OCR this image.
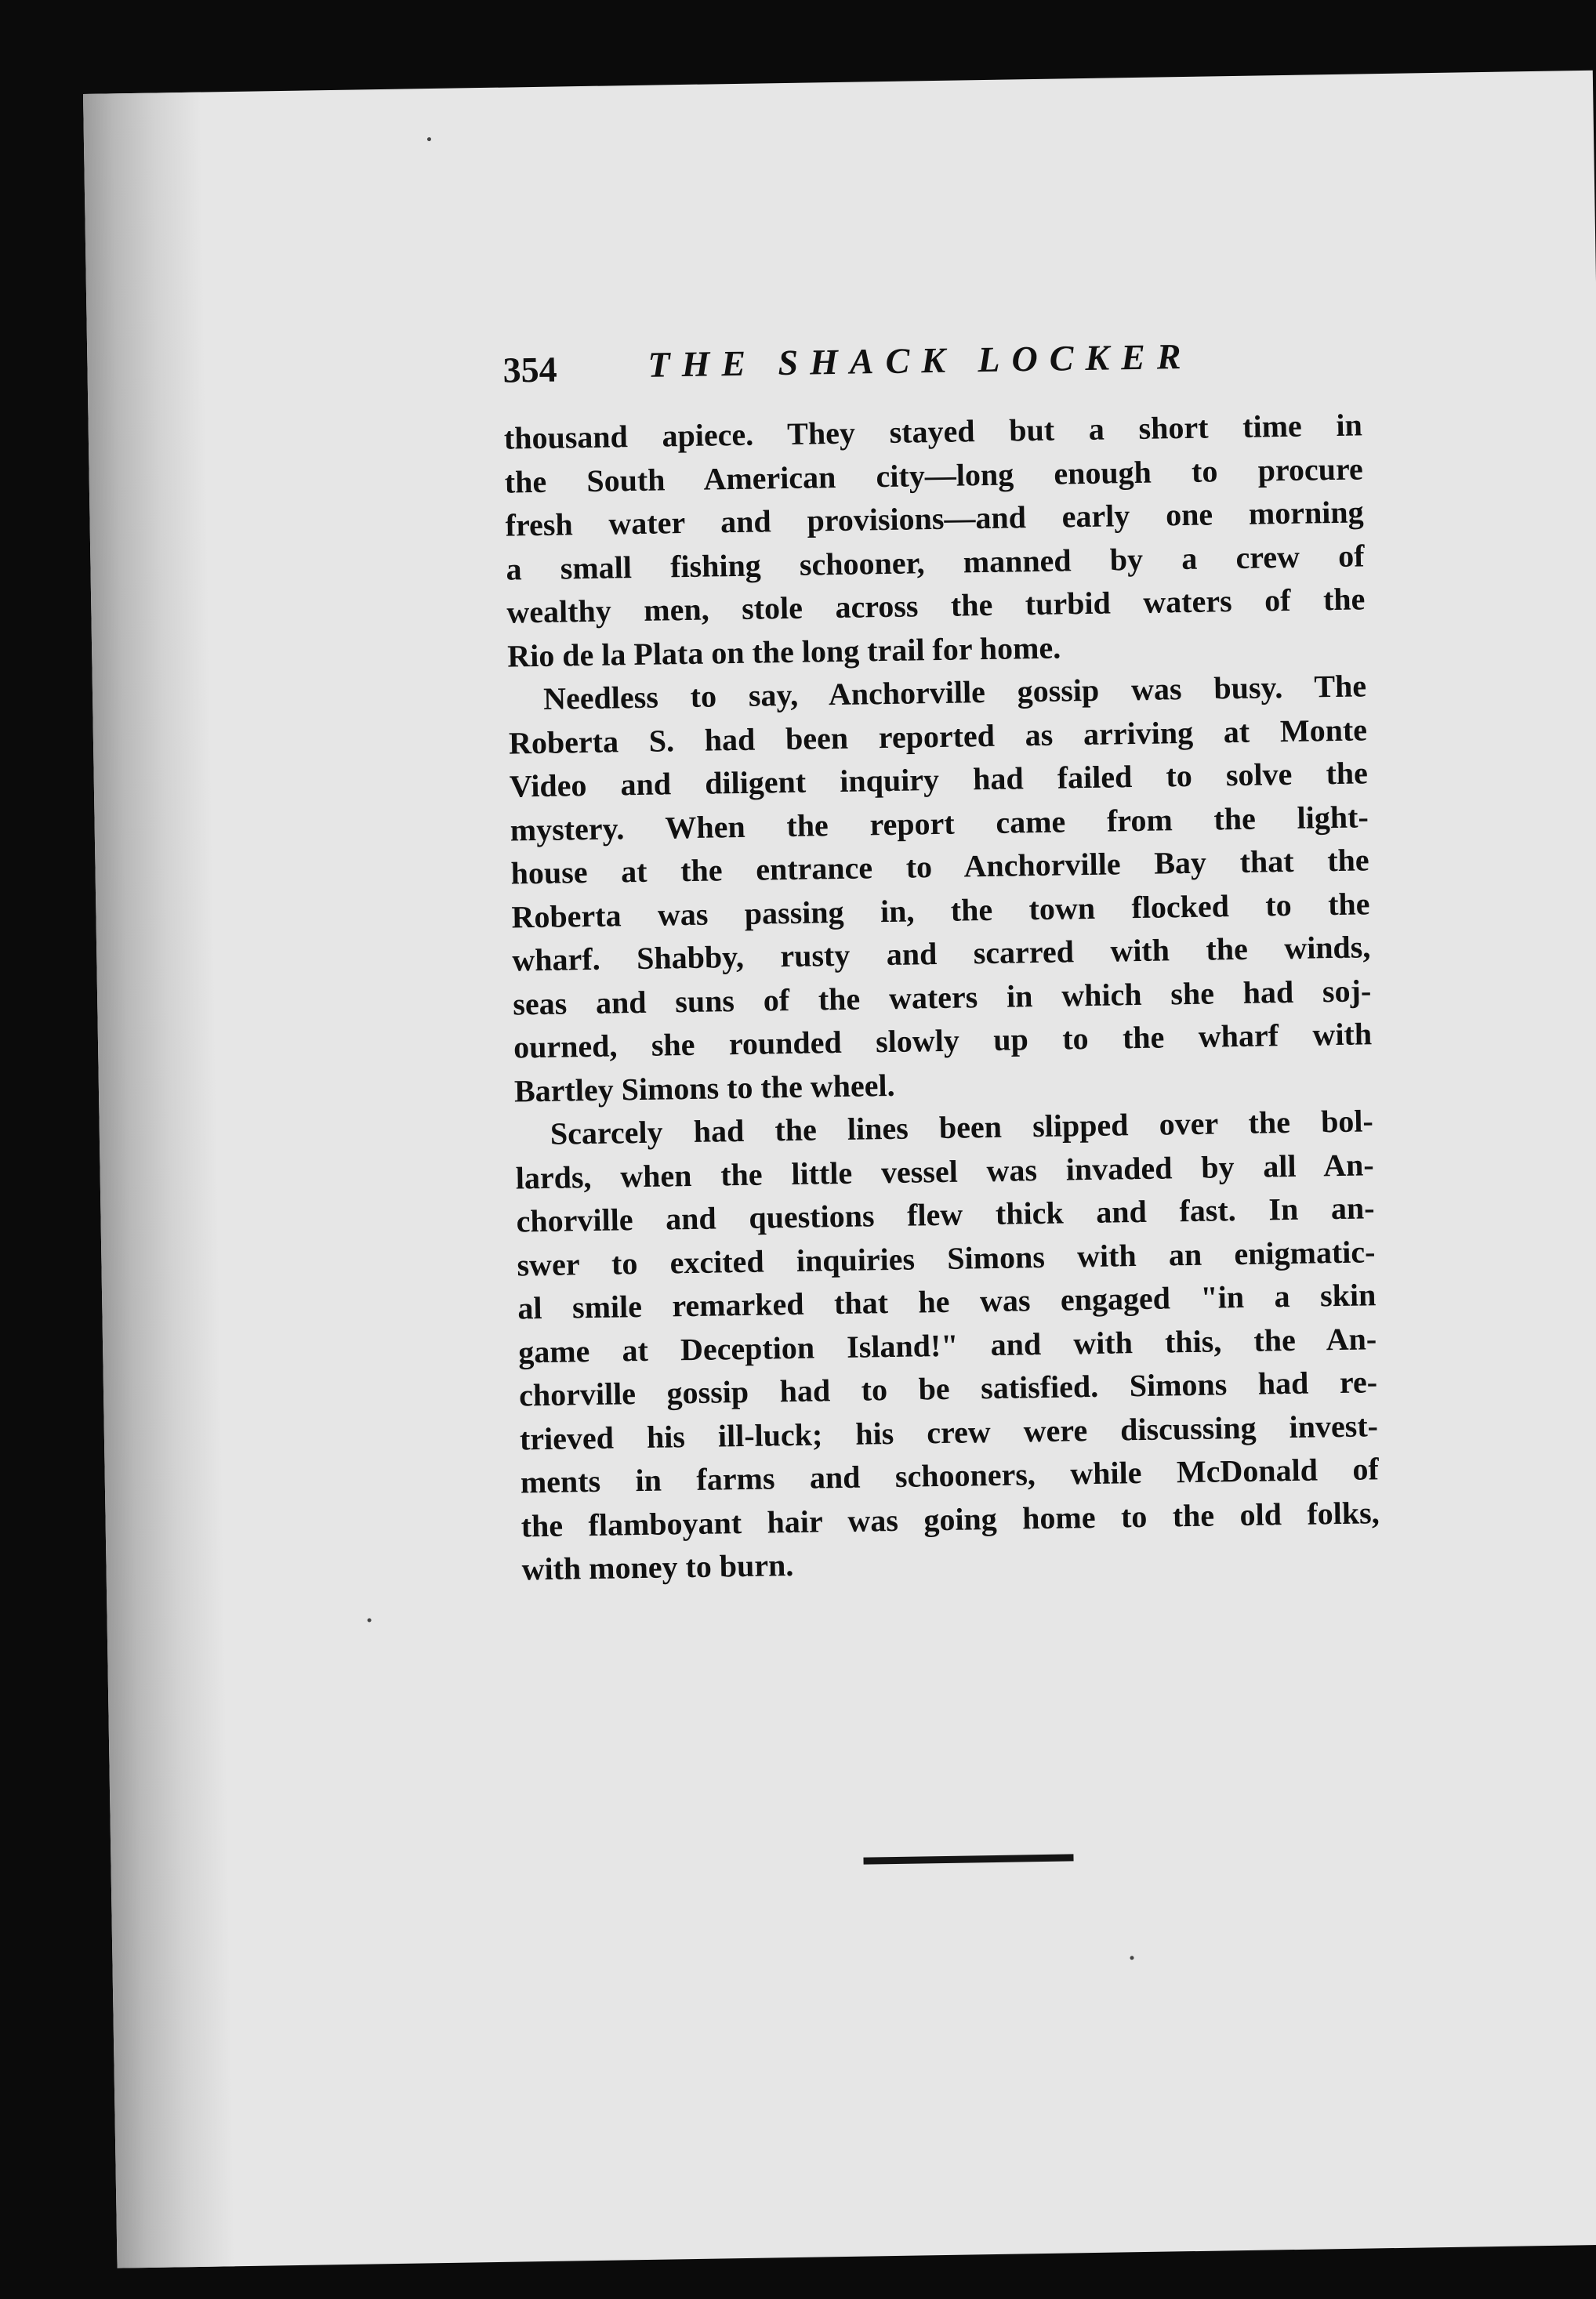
354	THE SHACK LOCKER

thousand apiece. They stayed but a short time in
the South American city—long enough to procure
fresh water and provisions—and early one morning
a small fishing schooner, manned by a crew of
wealthy men, stole across the turbid waters of the
Rio de la Plata on the long trail for home.

Needless to say, Anchorville gossip was busy. The
Roberta S. had been reported as arriving at Monte
Video and diligent inquiry had failed to solve the
mystery. When the report came from the light-
house at the entrance to Anchorville Bay that the
Roberta was passing in, the town flocked to the
wharf. Shabby, rusty and scarred with the winds,
seas and suns of the waters in which she had soj-
ourned, she rounded slowly up to the wharf with
Bartley Simons to the wheel.

Scarcely had the lines been slipped over the bol-
lards, when the little vessel was invaded by all An-
chorville and questions flew thick and fast. In an-
swer to excited inquiries Simons with an enigmatic-
al smile remarked that he was engaged "in a skin
game at Deception Island!" and with this, the An-
chorville gossip had to be satisfied. Simons had re-
trieved his ill-luck; his crew were discussing invest-
ments in farms and schooners, while McDonald of
the flamboyant hair was going home to the old folks,
with money to burn.
